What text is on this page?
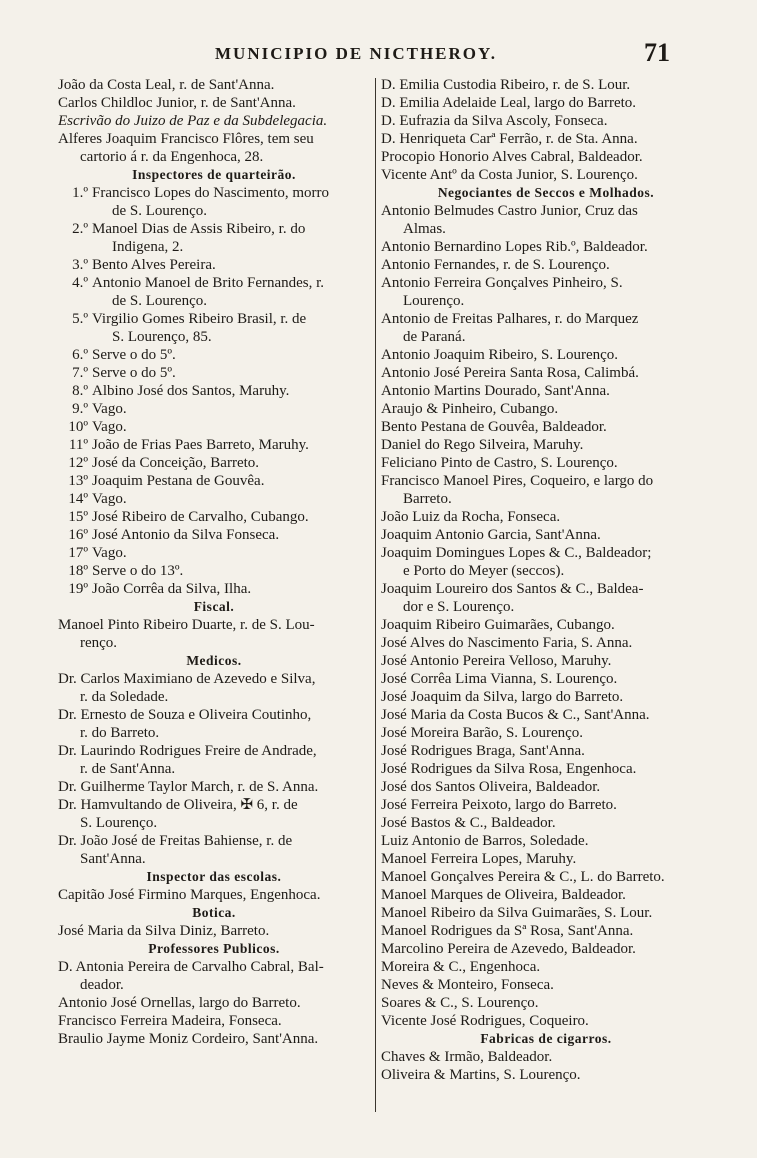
MUNICIPIO DE NICTHEROY.	71
João da Costa Leal, r. de Sant'Anna.
Carlos Childloc Junior, r. de Sant'Anna.
Escrivão do Juizo de Paz e da Subdelegacia.
Alferes Joaquim Francisco Flôres, tem seu
cartorio á r. da Engenhoca, 28.
Inspectores de quarteirão.
1.º Francisco Lopes do Nascimento, morro
de S. Lourenço.
2.º Manoel Dias de Assis Ribeiro, r. do
Indigena, 2.
3.º Bento Alves Pereira.
4.º Antonio Manoel de Brito Fernandes, r.
de S. Lourenço.
5.º Virgilio Gomes Ribeiro Brasil, r. de
S. Lourenço, 85.
6.º Serve o do 5º.
7.º Serve o do 5º.
8.º Albino José dos Santos, Maruhy.
9.º Vago.
10º Vago.
11º João de Frias Paes Barreto, Maruhy.
12º José da Conceição, Barreto.
13º Joaquim Pestana de Gouvêa.
14º Vago.
15º José Ribeiro de Carvalho, Cubango.
16º José Antonio da Silva Fonseca.
17º Vago.
18º Serve o do 13º.
19º João Corrêa da Silva, Ilha.
Fiscal.
Manoel Pinto Ribeiro Duarte, r. de S. Lou-
renço.
Medicos.
Dr. Carlos Maximiano de Azevedo e Silva,
r. da Soledade.
Dr. Ernesto de Souza e Oliveira Coutinho,
r. do Barreto.
Dr. Laurindo Rodrigues Freire de Andrade,
r. de Sant'Anna.
Dr. Guilherme Taylor March, r. de S. Anna.
Dr. Hamvultando de Oliveira, ✠ 6, r. de
S. Lourenço.
Dr. João José de Freitas Bahiense, r. de
Sant'Anna.
Inspector das escolas.
Capitão José Firmino Marques, Engenhoca.
Botica.
José Maria da Silva Diniz, Barreto.
Professores Publicos.
D. Antonia Pereira de Carvalho Cabral, Bal-
deador.
Antonio José Ornellas, largo do Barreto.
Francisco Ferreira Madeira, Fonseca.
Braulio Jayme Moniz Cordeiro, Sant'Anna.
D. Emilia Custodia Ribeiro, r. de S. Lour.
D. Emilia Adelaide Leal, largo do Barreto.
D. Eufrazia da Silva Ascoly, Fonseca.
D. Henriqueta Carª Ferrão, r. de Sta. Anna.
Procopio Honorio Alves Cabral, Baldeador.
Vicente Antº da Costa Junior, S. Lourenço.
Negociantes de Seccos e Molhados.
Antonio Belmudes Castro Junior, Cruz das
Almas.
Antonio Bernardino Lopes Rib.º, Baldeador.
Antonio Fernandes, r. de S. Lourenço.
Antonio Ferreira Gonçalves Pinheiro, S.
Lourenço.
Antonio de Freitas Palhares, r. do Marquez
de Paraná.
Antonio Joaquim Ribeiro, S. Lourenço.
Antonio José Pereira Santa Rosa, Calimbá.
Antonio Martins Dourado, Sant'Anna.
Araujo & Pinheiro, Cubango.
Bento Pestana de Gouvêa, Baldeador.
Daniel do Rego Silveira, Maruhy.
Feliciano Pinto de Castro, S. Lourenço.
Francisco Manoel Pires, Coqueiro, e largo do
Barreto.
João Luiz da Rocha, Fonseca.
Joaquim Antonio Garcia, Sant'Anna.
Joaquim Domingues Lopes & C., Baldeador;
e Porto do Meyer (seccos).
Joaquim Loureiro dos Santos & C., Baldea-
dor e S. Lourenço.
Joaquim Ribeiro Guimarães, Cubango.
José Alves do Nascimento Faria, S. Anna.
José Antonio Pereira Velloso, Maruhy.
José Corrêa Lima Vianna, S. Lourenço.
José Joaquim da Silva, largo do Barreto.
José Maria da Costa Bucos & C., Sant'Anna.
José Moreira Barão, S. Lourenço.
José Rodrigues Braga, Sant'Anna.
José Rodrigues da Silva Rosa, Engenhoca.
José dos Santos Oliveira, Baldeador.
José Ferreira Peixoto, largo do Barreto.
José Bastos & C., Baldeador.
Luiz Antonio de Barros, Soledade.
Manoel Ferreira Lopes, Maruhy.
Manoel Gonçalves Pereira & C., L. do Barreto.
Manoel Marques de Oliveira, Baldeador.
Manoel Ribeiro da Silva Guimarães, S. Lour.
Manoel Rodrigues da Sª Rosa, Sant'Anna.
Marcolino Pereira de Azevedo, Baldeador.
Moreira & C., Engenhoca.
Neves & Monteiro, Fonseca.
Soares & C., S. Lourenço.
Vicente José Rodrigues, Coqueiro.
Fabricas de cigarros.
Chaves & Irmão, Baldeador.
Oliveira & Martins, S. Lourenço.
